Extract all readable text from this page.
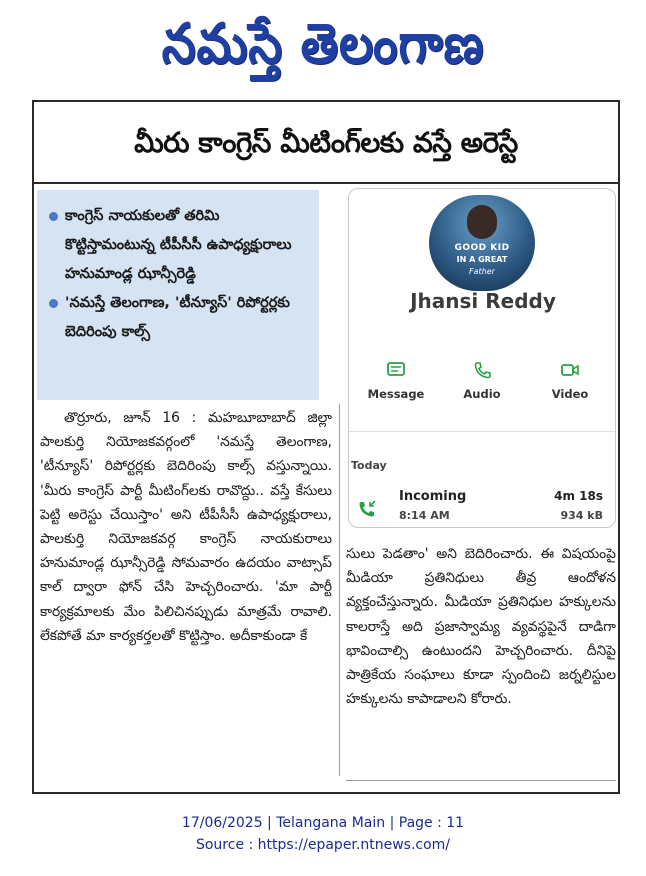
నమస్తే తెలంగాణ
మీరు కాంగ్రెస్ మీటింగ్‌లకు వస్తే అరెస్టే
కాంగ్రెస్ నాయకులతో తరిమి కొట్టిస్తామంటున్న టీపీసీసీ ఉపాధ్యక్షురాలు హనుమాండ్ల ఝాన్సీరెడ్డి
'నమస్తే తెలంగాణ, 'టీన్యూస్' రిపోర్టర్లకు బెదిరింపు కాల్స్
GOOD KID
IN A GREAT
Father
Jhansi Reddy
Message	Audio	Video
Today
Incoming
8:14 AM
4m 18s
934 kB
తొర్రూరు, జూన్ 16 : మహబూబాబాద్ జిల్లా పాలకుర్తి నియోజకవర్గంలో 'నమస్తే తెలంగాణ, 'టీన్యూస్' రిపోర్టర్లకు బెదిరింపు కాల్స్ వస్తున్నాయి. 'మీరు కాంగ్రెస్ పార్టీ మీటింగ్‌లకు రావొద్దు.. వస్తే కేసులు పెట్టి అరెస్టు చేయిస్తాం' అని టీపీసీసీ ఉపాధ్యక్షురాలు, పాలకుర్తి నియోజకవర్గ కాంగ్రెస్ నాయకురాలు హనుమాండ్ల ఝాన్సీరెడ్డి సోమవారం ఉదయం వాట్సాప్ కాల్ ద్వారా ఫోన్ చేసి హెచ్చరించారు. 'మా పార్టీ కార్యక్రమాలకు మేం పిలిచినప్పుడు మాత్రమే రావాలి. లేకపోతే మా కార్యకర్తలతో కొట్టిస్తాం. అదీకాకుండా కే
సులు పెడతాం' అని బెదిరించారు. ఈ విషయంపై మీడియా ప్రతినిధులు తీవ్ర ఆందోళన వ్యక్తంచేస్తున్నారు. మీడియా ప్రతినిధుల హక్కులను కాలరాస్తే అది ప్రజాస్వామ్య వ్యవస్థపైనే దాడిగా భావించాల్సి ఉంటుందని హెచ్చరించారు. దీనిపై పాత్రికేయ సంఘాలు కూడా స్పందించి జర్నలిస్టుల హక్కులను కాపాడాలని కోరారు.
17/06/2025 | Telangana Main | Page : 11
Source : https://epaper.ntnews.com/
